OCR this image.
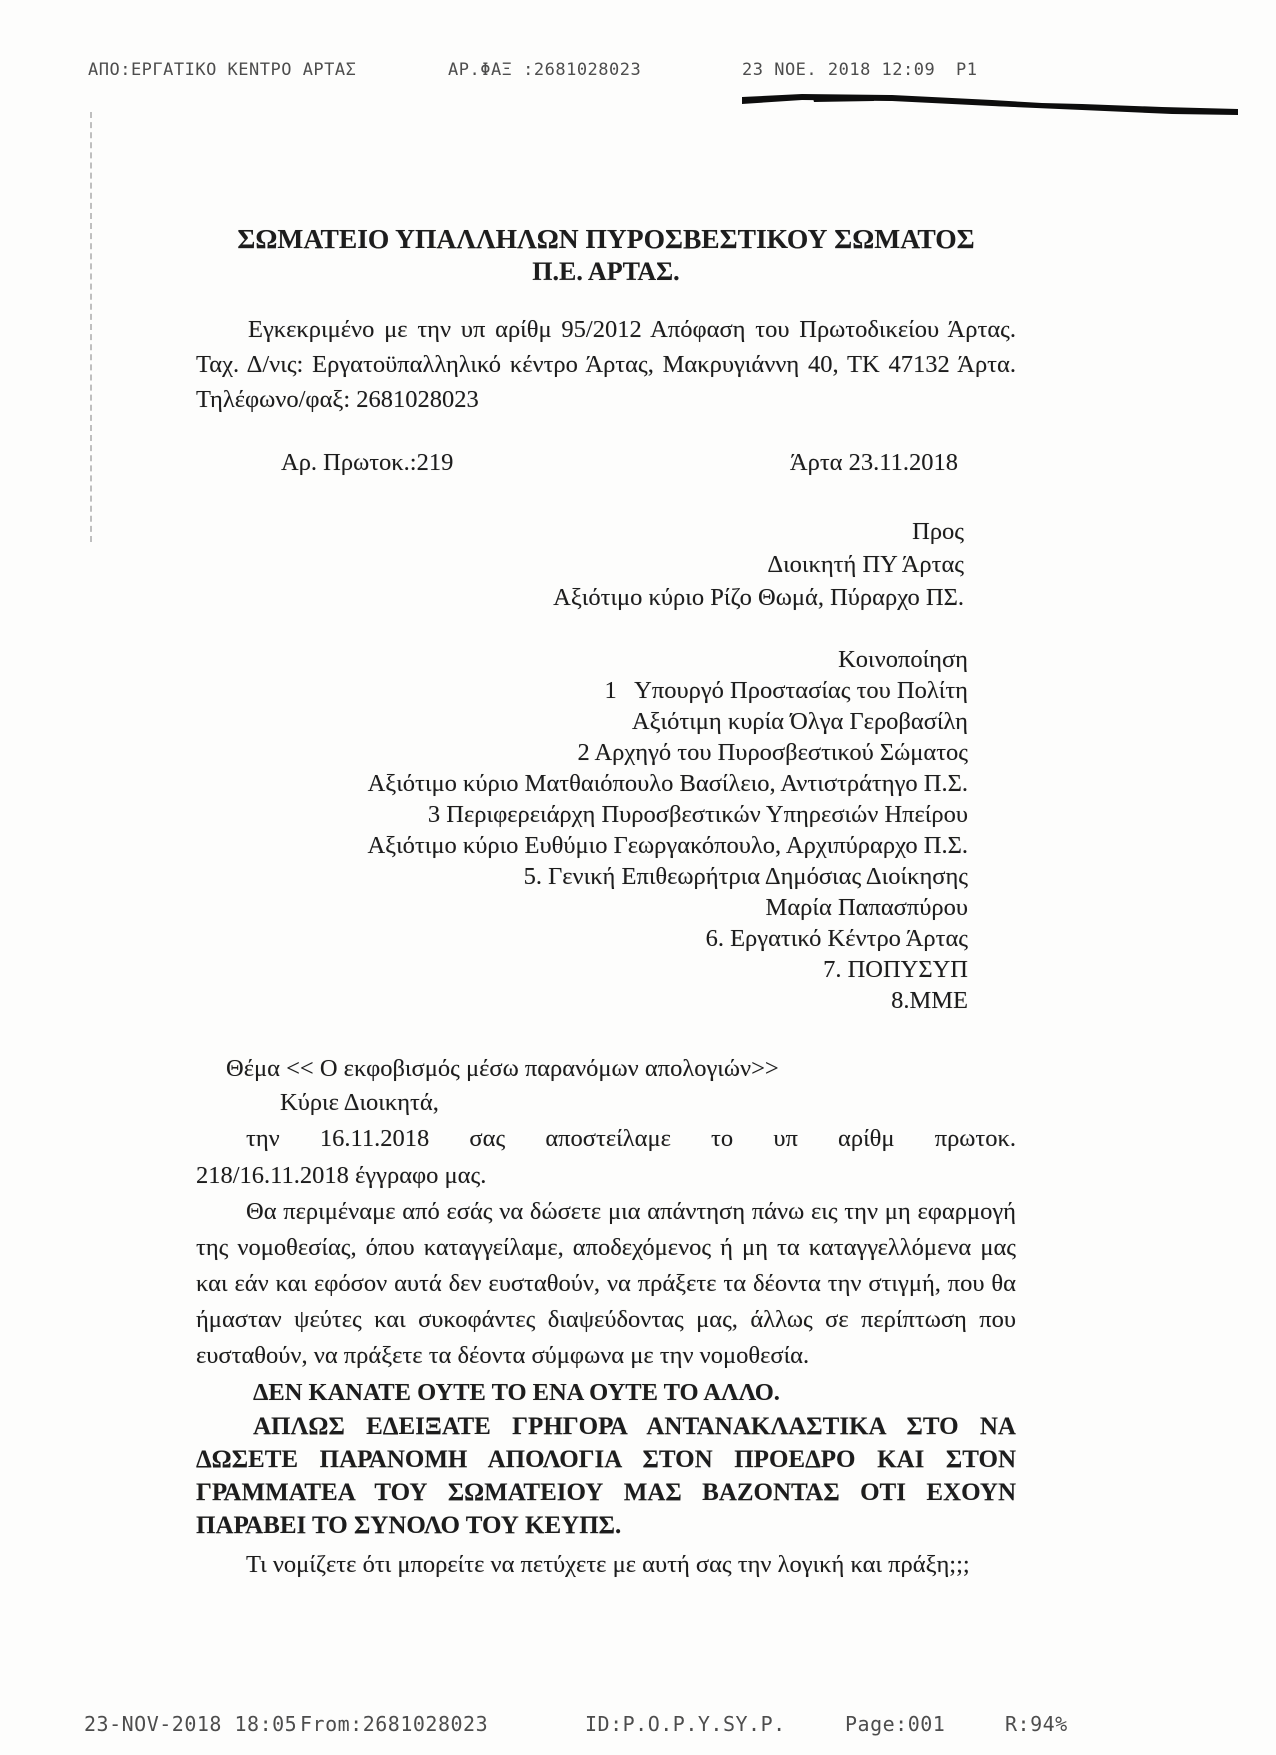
ΑΠΟ:ΕΡΓΑΤΙΚΟ ΚΕΝΤΡΟ ΑΡΤΑΣ	ΑΡ.ΦΑΞ :2681028023	23 ΝΟΕ. 2018 12:09 P1
ΣΩΜΑΤΕΙΟ ΥΠΑΛΛΗΛΩΝ ΠΥΡΟΣΒΕΣΤΙΚΟΥ ΣΩΜΑΤΟΣ
Π.Ε. ΑΡΤΑΣ.
Εγκεκριμένο με την υπ αρίθμ 95/2012 Απόφαση του Πρωτοδικείου Άρτας. Ταχ. Δ/νις: Εργατοϋπαλληλικό κέντρο Άρτας, Μακρυγιάννη 40, ΤΚ 47132 Άρτα. Τηλέφωνο/φαξ: 2681028023
Αρ. Πρωτοκ.:219	Άρτα 23.11.2018
Προς
Διοικητή ΠΥ Άρτας
Αξιότιμο κύριο Ρίζο Θωμά, Πύραρχο ΠΣ.
Κοινοποίηση
1   Υπουργό Προστασίας του Πολίτη
Αξιότιμη κυρία Όλγα Γεροβασίλη
2 Αρχηγό του Πυροσβεστικού Σώματος
Αξιότιμο κύριο Ματθαιόπουλο Βασίλειο, Αντιστράτηγο Π.Σ.
3 Περιφερειάρχη Πυροσβεστικών Υπηρεσιών Ηπείρου
Αξιότιμο κύριο Ευθύμιο Γεωργακόπουλο, Αρχιπύραρχο Π.Σ.
5. Γενική Επιθεωρήτρια Δημόσιας Διοίκησης
Μαρία Παπασπύρου
6. Εργατικό Κέντρο Άρτας
7. ΠΟΠΥΣΥΠ
8.ΜΜΕ
Θέμα << Ο εκφοβισμός μέσω παρανόμων απολογιών>>
Κύριε Διοικητά,
την 16.11.2018 σας αποστείλαμε το υπ αρίθμ πρωτοκ.
218/16.11.2018 έγγραφο μας.
Θα περιμέναμε από εσάς να δώσετε μια απάντηση πάνω εις την μη εφαρμογή της νομοθεσίας, όπου καταγγείλαμε, αποδεχόμενος ή μη τα καταγγελλόμενα μας και εάν και εφόσον αυτά δεν ευσταθούν, να πράξετε τα δέοντα την στιγμή, που θα ήμασταν ψεύτες και συκοφάντες διαψεύδοντας μας, άλλως σε περίπτωση που ευσταθούν, να πράξετε τα δέοντα σύμφωνα με την νομοθεσία.
ΔΕΝ ΚΑΝΑΤΕ ΟΥΤΕ ΤΟ ΕΝΑ ΟΥΤΕ ΤΟ ΑΛΛΟ.
ΑΠΛΩΣ ΕΔΕΙΞΑΤΕ ΓΡΗΓΟΡΑ ΑΝΤΑΝΑΚΛΑΣΤΙΚΑ ΣΤΟ ΝΑ ΔΩΣΕΤΕ ΠΑΡΑΝΟΜΗ ΑΠΟΛΟΓΙΑ ΣΤΟΝ ΠΡΟΕΔΡΟ ΚΑΙ ΣΤΟΝ ΓΡΑΜΜΑΤΕΑ ΤΟΥ ΣΩΜΑΤΕΙΟΥ ΜΑΣ ΒΑΖΟΝΤΑΣ ΟΤΙ ΕΧΟΥΝ ΠΑΡΑΒΕΙ ΤΟ ΣΥΝΟΛΟ ΤΟΥ ΚΕΥΠΣ.
Τι νομίζετε ότι μπορείτε να πετύχετε με αυτή σας την λογική και πράξη;;;
23-NOV-2018 18:05 From:2681028023	ID:P.O.P.Y.SY.P.	Page:001	R:94%
